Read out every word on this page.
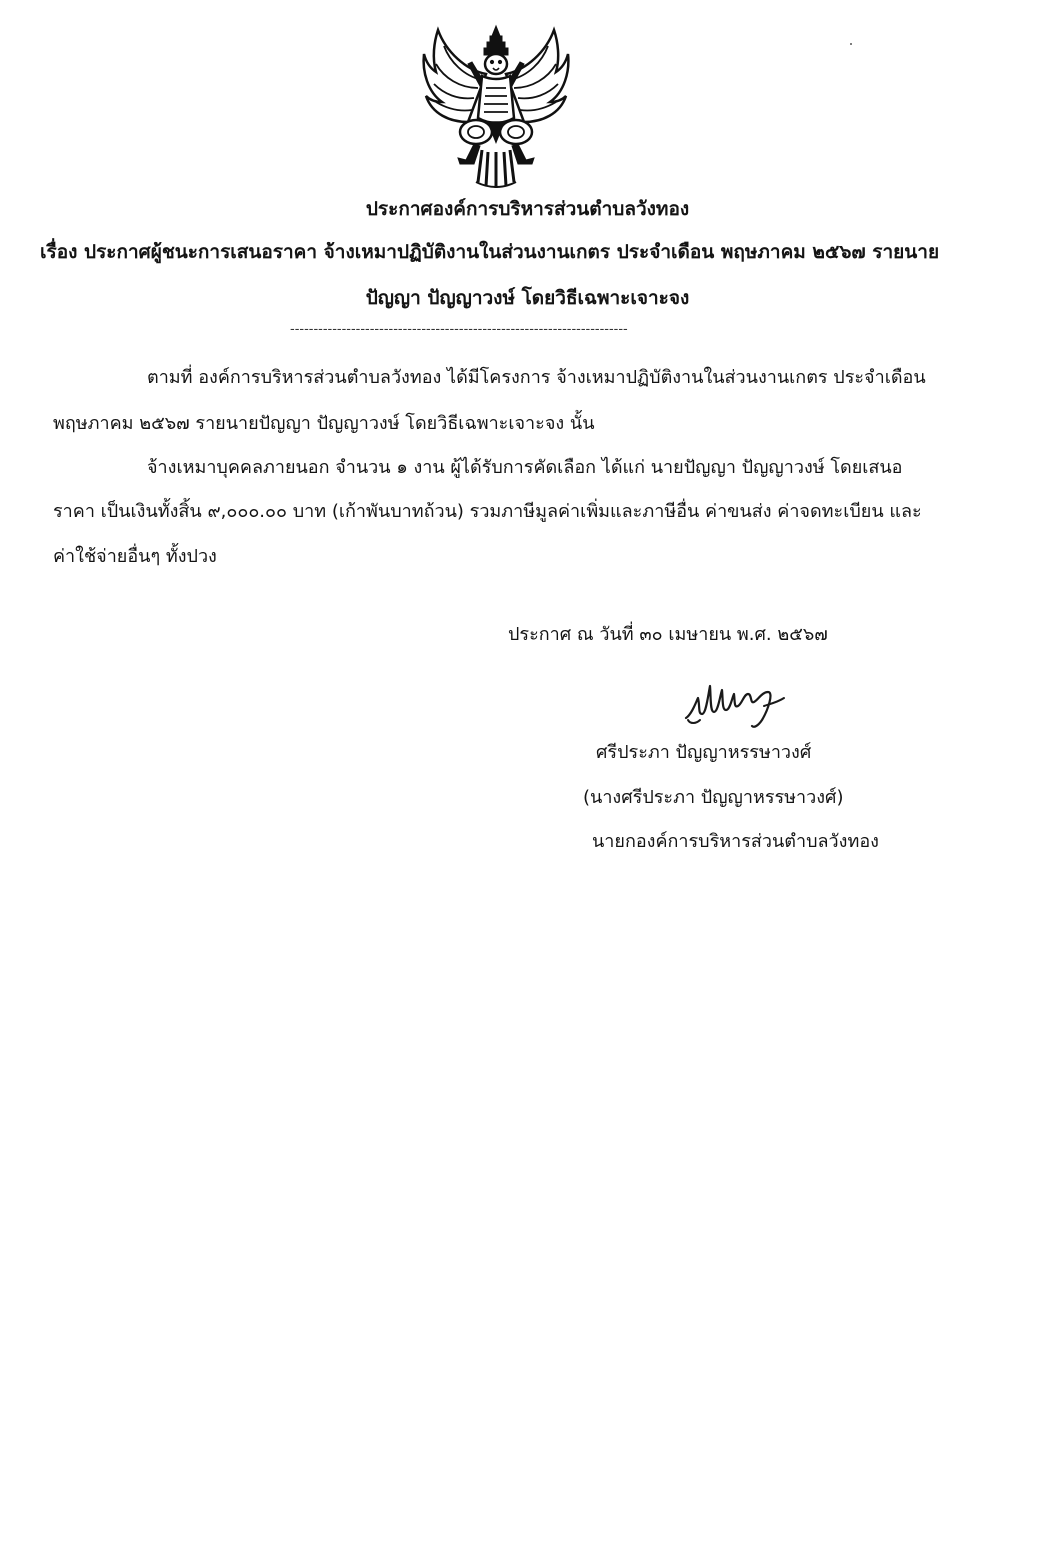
ประกาศองค์การบริหารส่วนตำบลวังทอง
เรื่อง ประกาศผู้ชนะการเสนอราคา จ้างเหมาปฏิบัติงานในส่วนงานเกตร ประจำเดือน พฤษภาคม ๒๕๖๗ รายนาย
ปัญญา ปัญญาวงษ์ โดยวิธีเฉพาะเจาะจง
------------------------------------------------------------------------
ตามที่ องค์การบริหารส่วนตำบลวังทอง ได้มีโครงการ จ้างเหมาปฏิบัติงานในส่วนงานเกตร ประจำเดือน
พฤษภาคม ๒๕๖๗ รายนายปัญญา ปัญญาวงษ์ โดยวิธีเฉพาะเจาะจง นั้น
จ้างเหมาบุคคลภายนอก จำนวน ๑ งาน ผู้ได้รับการคัดเลือก ได้แก่ นายปัญญา ปัญญาวงษ์ โดยเสนอ
ราคา เป็นเงินทั้งสิ้น ๙,๐๐๐.๐๐ บาท (เก้าพันบาทถ้วน) รวมภาษีมูลค่าเพิ่มและภาษีอื่น ค่าขนส่ง ค่าจดทะเบียน และ
ค่าใช้จ่ายอื่นๆ ทั้งปวง
ประกาศ ณ วันที่ ๓๐ เมษายน พ.ศ. ๒๕๖๗
ศรีประภา ปัญญาหรรษาวงศ์
(นางศรีประภา ปัญญาหรรษาวงศ์)
นายกองค์การบริหารส่วนตำบลวังทอง
